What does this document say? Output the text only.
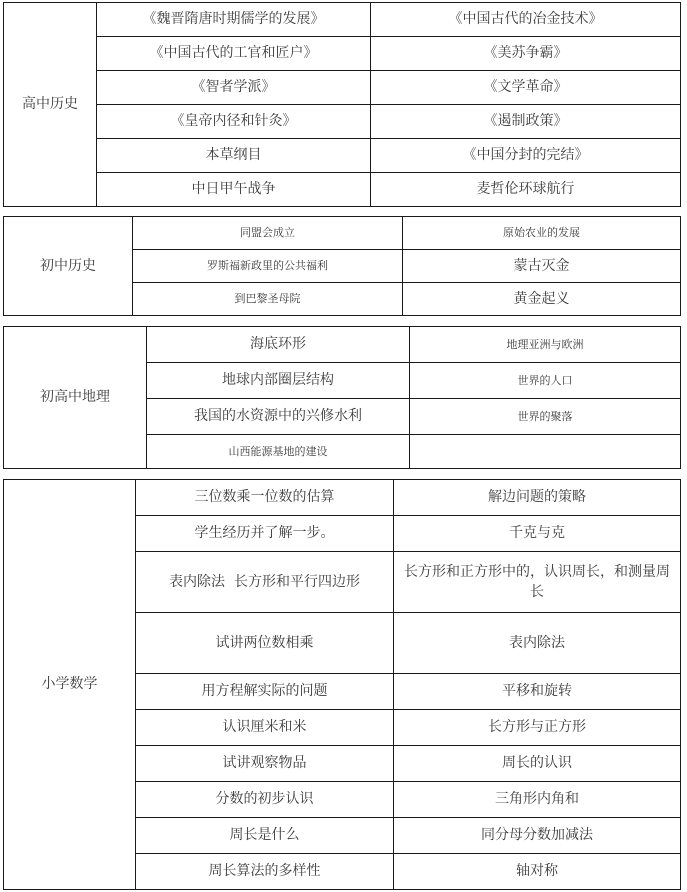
高中历史	《魏晋隋唐时期儒学的发展》	《中国古代的冶金技术》
	《中国古代的工官和匠户》	《美苏争霸》
	《智者学派》	《文学革命》
	《皇帝内径和针灸》	《遏制政策》
	本草纲目	《中国分封的完结》
	中日甲午战争	麦哲伦环球航行
初中历史	同盟会成立	原始农业的发展
	罗斯福新政里的公共福利	蒙古灭金
	到巴黎圣母院	黄金起义
初高中地理	海底环形	地理亚洲与欧洲
	地球内部圈层结构	世界的人口
	我国的水资源中的兴修水利	世界的聚落
	山西能源基地的建设	
小学数学	三位数乘一位数的估算	解边问题的策略
	学生经历并了解一步。	千克与克
	表内除法  长方形和平行四边形	长方形和正方形中的，认识周长，和测量周长
	试讲两位数相乘	表内除法
	用方程解实际的问题	平移和旋转
	认识厘米和米	长方形与正方形
	试讲观察物品	周长的认识
	分数的初步认识	三角形内角和
	周长是什么	同分母分数加减法
	周长算法的多样性	轴对称
